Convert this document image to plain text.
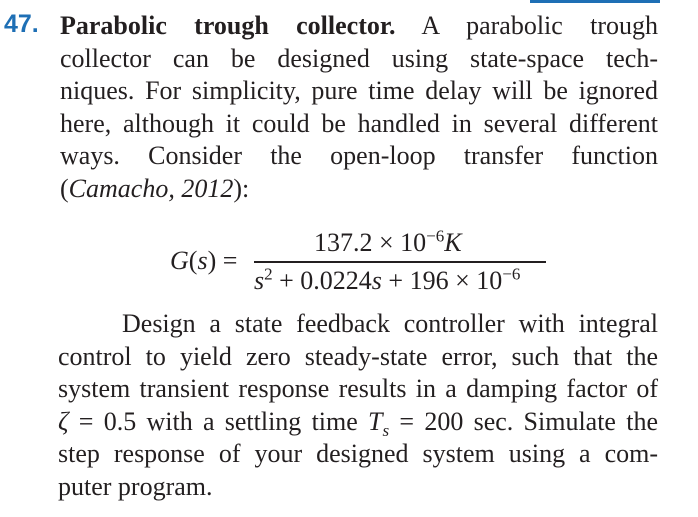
47. Parabolic trough collector. A parabolic trough
collector can be designed using state-space tech-
niques. For simplicity, pure time delay will be ignored
here, although it could be handled in several different
ways. Consider the open-loop transfer function
(Camacho, 2012):
G(s) =
$137.2 \times 10^{-6}K$
$s^2 + 0.0224s + 196 \times 10^{-6}$
Design a state feedback controller with integral
control to yield zero steady-state error, such that the
system transient response results in a damping factor of
ζ = 0.5 with a settling time $T_s = 200$ sec. Simulate the
step response of your designed system using a com-
puter program.
